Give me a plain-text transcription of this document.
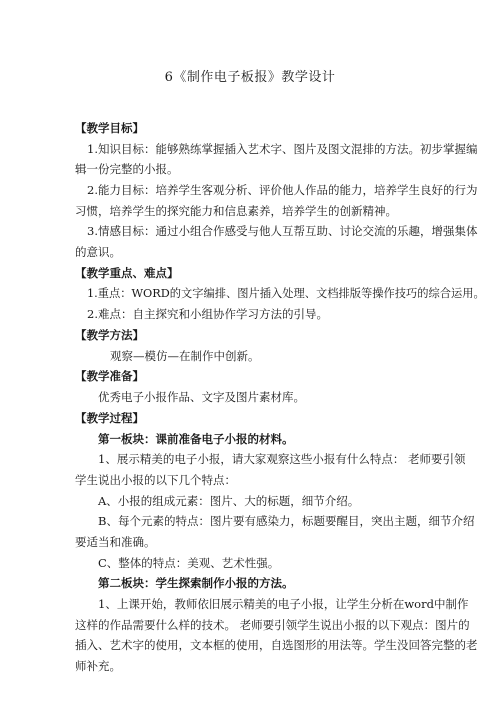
6《制作电子板报》教学设计
【教学目标】
1.知识目标：能够熟练掌握插入艺术字、图片及图文混排的方法。初步掌握编
辑一份完整的小报。
2.能力目标：培养学生客观分析、评价他人作品的能力，培养学生良好的行为
习惯，培养学生的探究能力和信息素养，培养学生的创新精神。
3.情感目标：通过小组合作感受与他人互帮互助、讨论交流的乐趣，增强集体
的意识。
【教学重点、难点】
1.重点：WORD的文字编排、图片插入处理、文档排版等操作技巧的综合运用。
2.难点：自主探究和小组协作学习方法的引导。
【教学方法】
观察—模仿—在制作中创新。
【教学准备】
优秀电子小报作品、文字及图片素材库。
【教学过程】
第一板块：课前准备电子小报的材料。
1、展示精美的电子小报，请大家观察这些小报有什么特点： 老师要引领
学生说出小报的以下几个特点：
A、小报的组成元素：图片、大的标题，细节介绍。
B、每个元素的特点：图片要有感染力，标题要醒目，突出主题，细节介绍
要适当和准确。
C、整体的特点：美观、艺术性强。
第二板块：学生探索制作小报的方法。
1、上课开始，教师依旧展示精美的电子小报，让学生分析在word中制作
这样的作品需要什么样的技术。 老师要引领学生说出小报的以下观点：图片的
插入、艺术字的使用，文本框的使用，自选图形的用法等。学生没回答完整的老
师补充。
